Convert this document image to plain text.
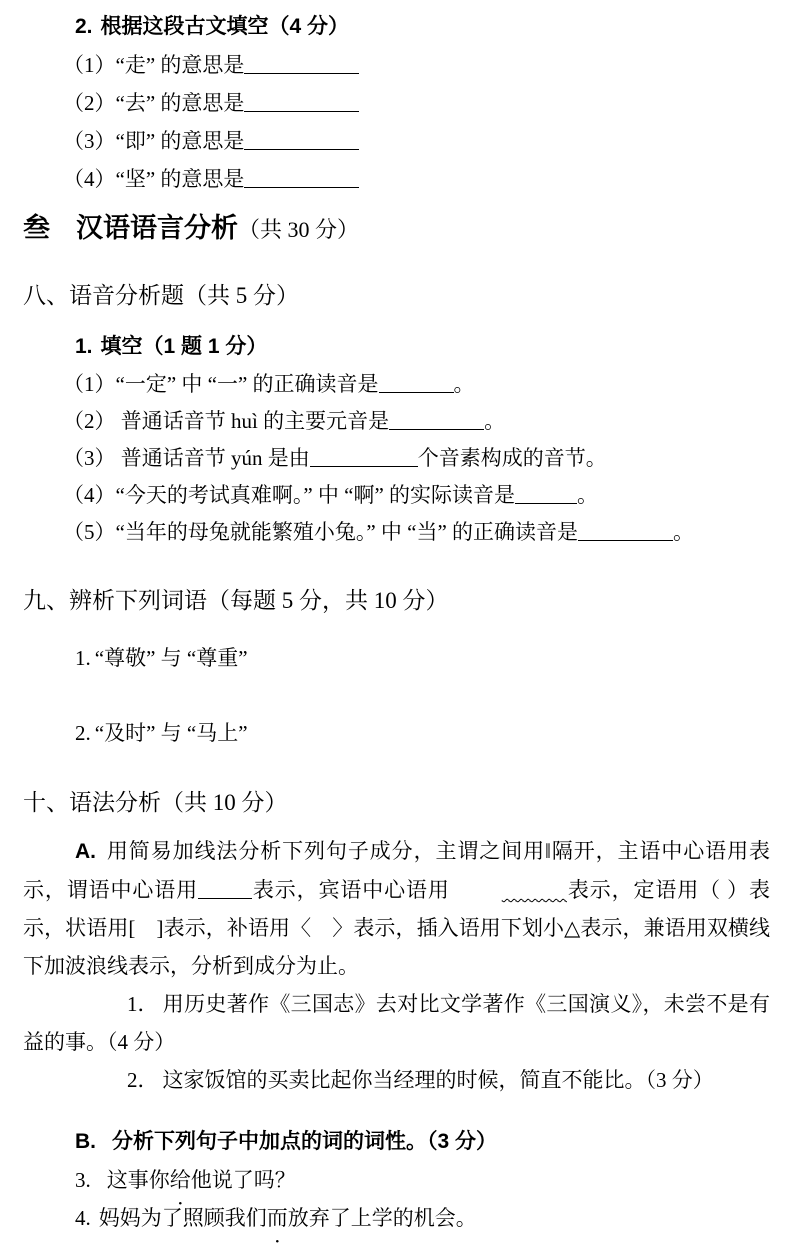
2. 根据这段古文填空（4 分）
（1）“走” 的意思是
（2）“去” 的意思是
（3）“即” 的意思是
（4）“坚” 的意思是
叁 汉语语言分析（共 30 分）
八、语音分析题（共 5 分）
1. 填空（1 题 1 分）
（1）“一定” 中 “一” 的正确读音是	。
（2） 普通话音节 huì 的主要元音是	。
（3） 普通话音节 yún 是由	个音素构成的音节。
（4）“今天的考试真难啊。” 中 “啊” 的实际读音是	。
（5）“当年的母兔就能繁殖小兔。” 中 “当” 的正确读音是	。
九、辨析下列词语（每题 5 分，共 10 分）
1. “尊敬” 与 “尊重”
2. “及时” 与 “马上”
十、语法分析（共 10 分）

A. 用简易加线法分析下列句子成分，主谓之间用‖隔开，主语中心语用表示，谓语中心语用	表示，宾语中心语用	表示，定语用（ ）表示，状语用[　]表示，补语用〈　〉表示，插入语用下划小△表示，兼语用双横线下加波浪线表示，分析到成分为止。

1． 用历史著作《三国志》去对比文学著作《三国演义》，未尝不是有益的事。（4 分）

2． 这家饭馆的买卖比起你当经理的时候，简直不能比。（3 分）

B. 分析下列句子中加点的词的词性。（3 分）
3. 这事你给他说了吗？
4. 妈妈为了照顾我们而放弃了上学的机会。
